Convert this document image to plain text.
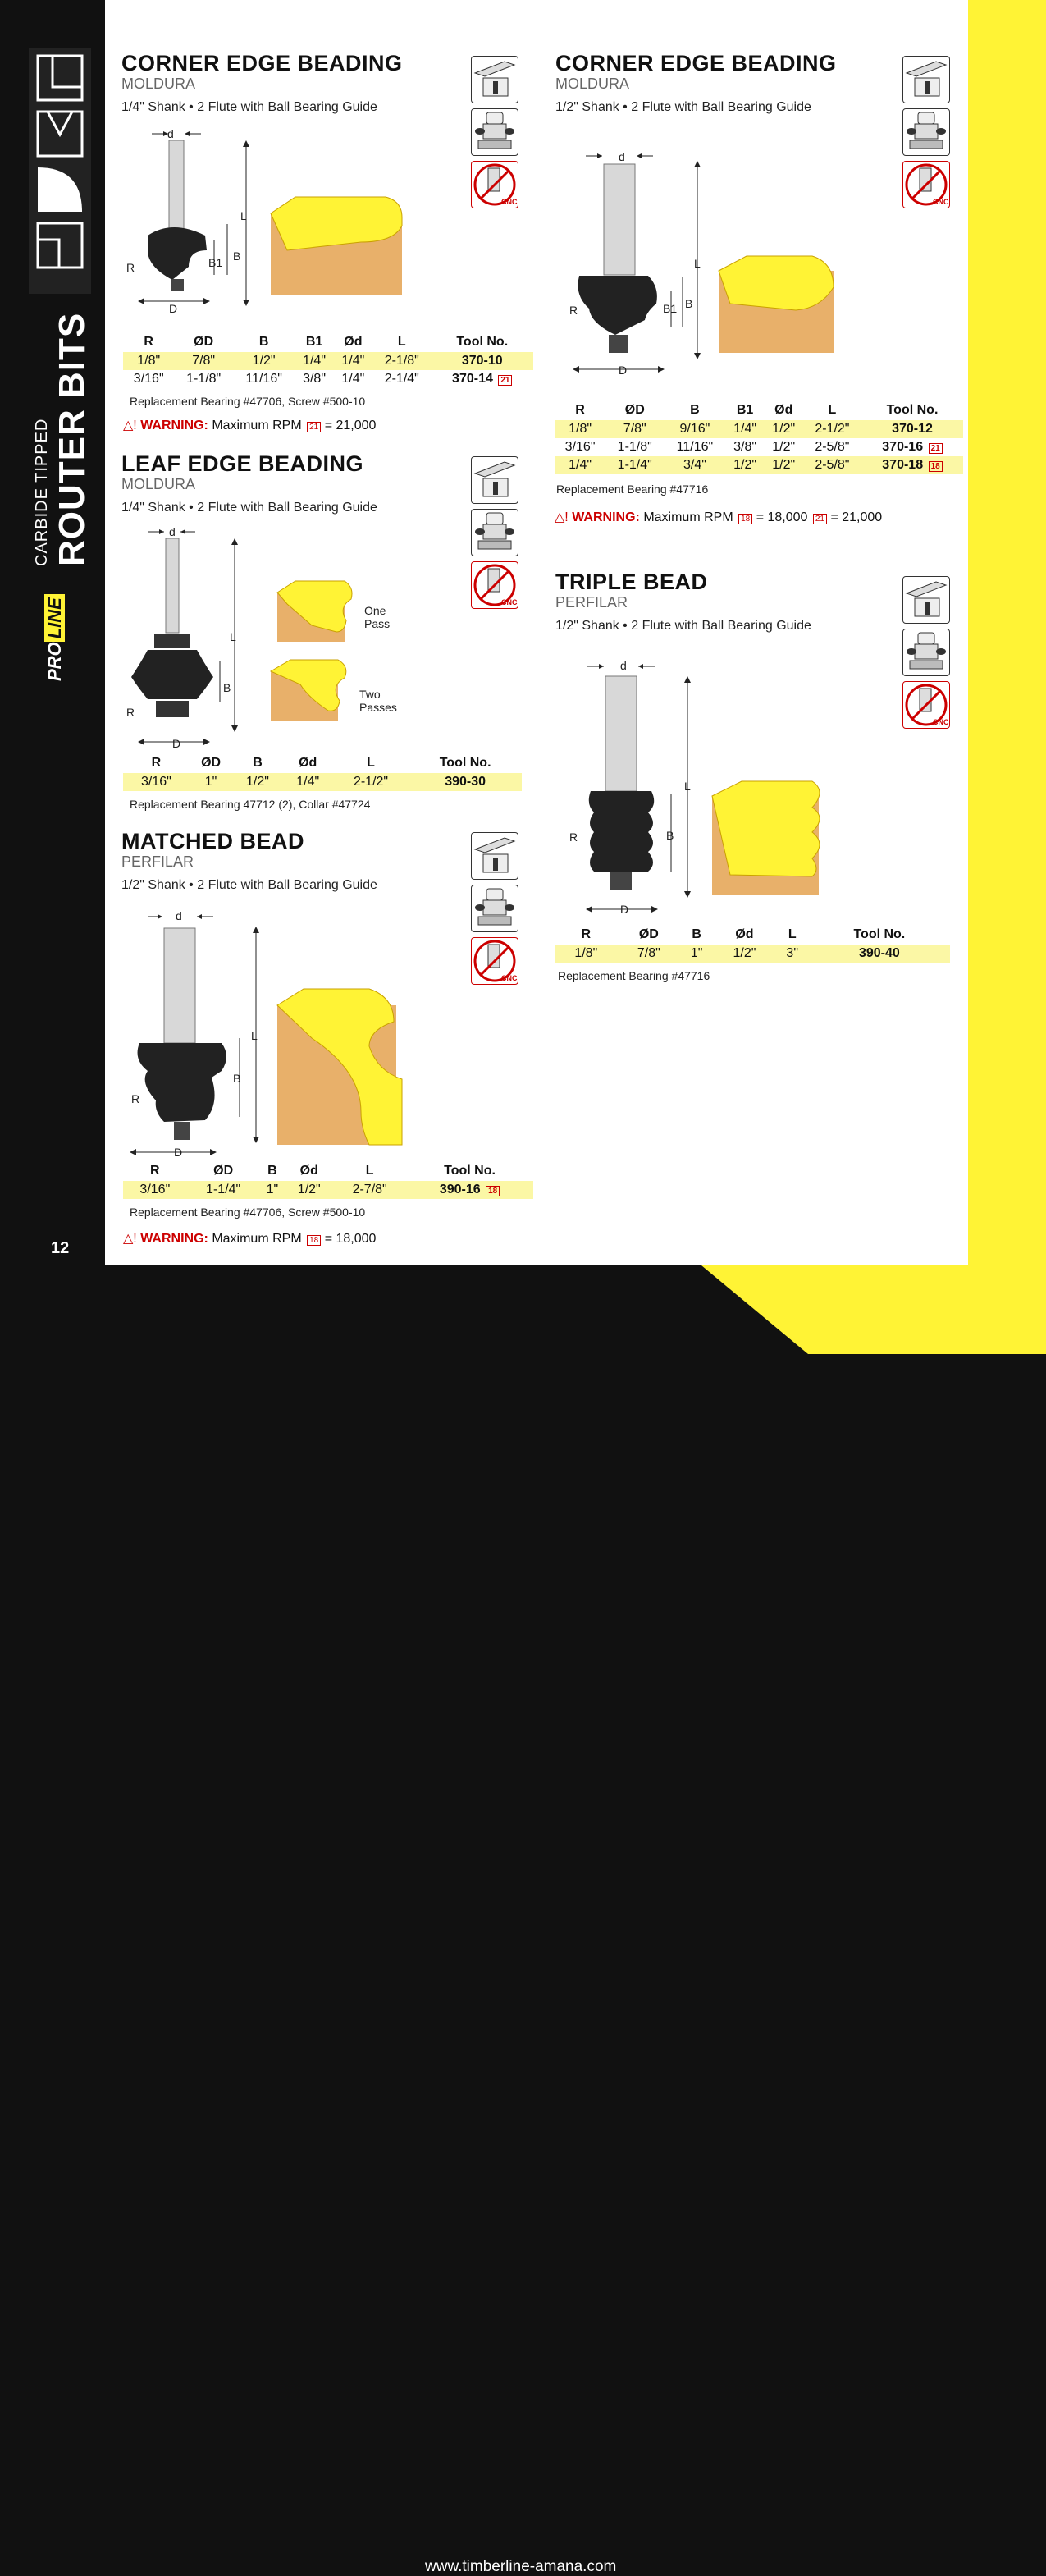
CARBIDE TIPPED ROUTER BITS
PROLINE
12
www.timberline-amana.com
CORNER EDGE BEADING
MOLDURA
1/4" Shank • 2 Flute with Ball Bearing Guide
CNC
d
L
B
B1
R
D
R	ØD	B	B1	Ød	L	Tool No.
1/8"	7/8"	1/2"	1/4"	1/4"	2-1/8"	370-10
3/16"	1-1/8"	11/16"	3/8"	1/4"	2-1/4"	370-14 21
Replacement Bearing #47706, Screw #500-10
△! WARNING: Maximum RPM 21 = 21,000
LEAF EDGE BEADING
MOLDURA
1/4" Shank • 2 Flute with Ball Bearing Guide
CNC
d
L
B
R
D
One Pass
Two Passes
R	ØD	B	Ød	L	Tool No.
3/16"	1"	1/2"	1/4"	2-1/2"	390-30
Replacement Bearing 47712 (2), Collar #47724
MATCHED BEAD
PERFILAR
1/2" Shank • 2 Flute with Ball Bearing Guide
CNC
d
L
B
R
D
R	ØD	B	Ød	L	Tool No.
3/16"	1-1/4"	1"	1/2"	2-7/8"	390-16 18
Replacement Bearing #47706, Screw #500-10
△! WARNING: Maximum RPM 18 = 18,000
CORNER EDGE BEADING
MOLDURA
1/2" Shank • 2 Flute with Ball Bearing Guide
CNC
d
L
B
B1
R
D
R	ØD	B	B1	Ød	L	Tool No.
1/8"	7/8"	9/16"	1/4"	1/2"	2-1/2"	370-12
3/16"	1-1/8"	11/16"	3/8"	1/2"	2-5/8"	370-16 21
1/4"	1-1/4"	3/4"	1/2"	1/2"	2-5/8"	370-18 18
Replacement Bearing #47716
△! WARNING: Maximum RPM 18 = 18,000 21 = 21,000
TRIPLE BEAD
PERFILAR
1/2" Shank • 2 Flute with Ball Bearing Guide
CNC
d
L
B
R
D
R	ØD	B	Ød	L	Tool No.
1/8"	7/8"	1"	1/2"	3"	390-40
Replacement Bearing #47716
